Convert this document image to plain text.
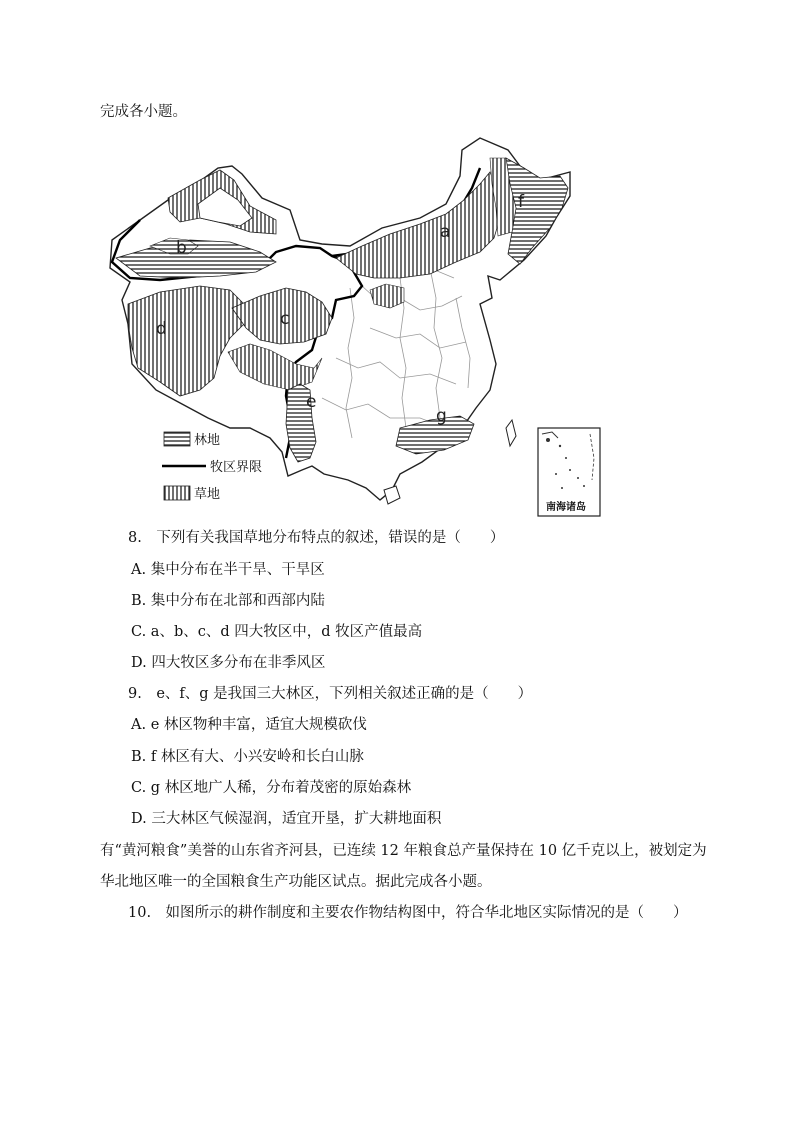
完成各小题。
a
b
c
d
e
f
g
林地
牧区界限
草地
南海诸岛
8.　下列有关我国草地分布特点的叙述，错误的是（　　）
A. 集中分布在半干旱、干旱区
B. 集中分布在北部和西部内陆
C. a、b、c、d 四大牧区中，d 牧区产值最高
D. 四大牧区多分布在非季风区
9.　e、f、g 是我国三大林区，下列相关叙述正确的是（　　）
A. e 林区物种丰富，适宜大规模砍伐
B. f 林区有大、小兴安岭和长白山脉
C. g 林区地广人稀，分布着茂密的原始森林
D. 三大林区气候湿润，适宜开垦，扩大耕地面积
有“黄河粮食”美誉的山东省齐河县，已连续 12 年粮食总产量保持在 10 亿千克以上，被划定为
华北地区唯一的全国粮食生产功能区试点。据此完成各小题。
10.　如图所示的耕作制度和主要农作物结构图中，符合华北地区实际情况的是（　　）
